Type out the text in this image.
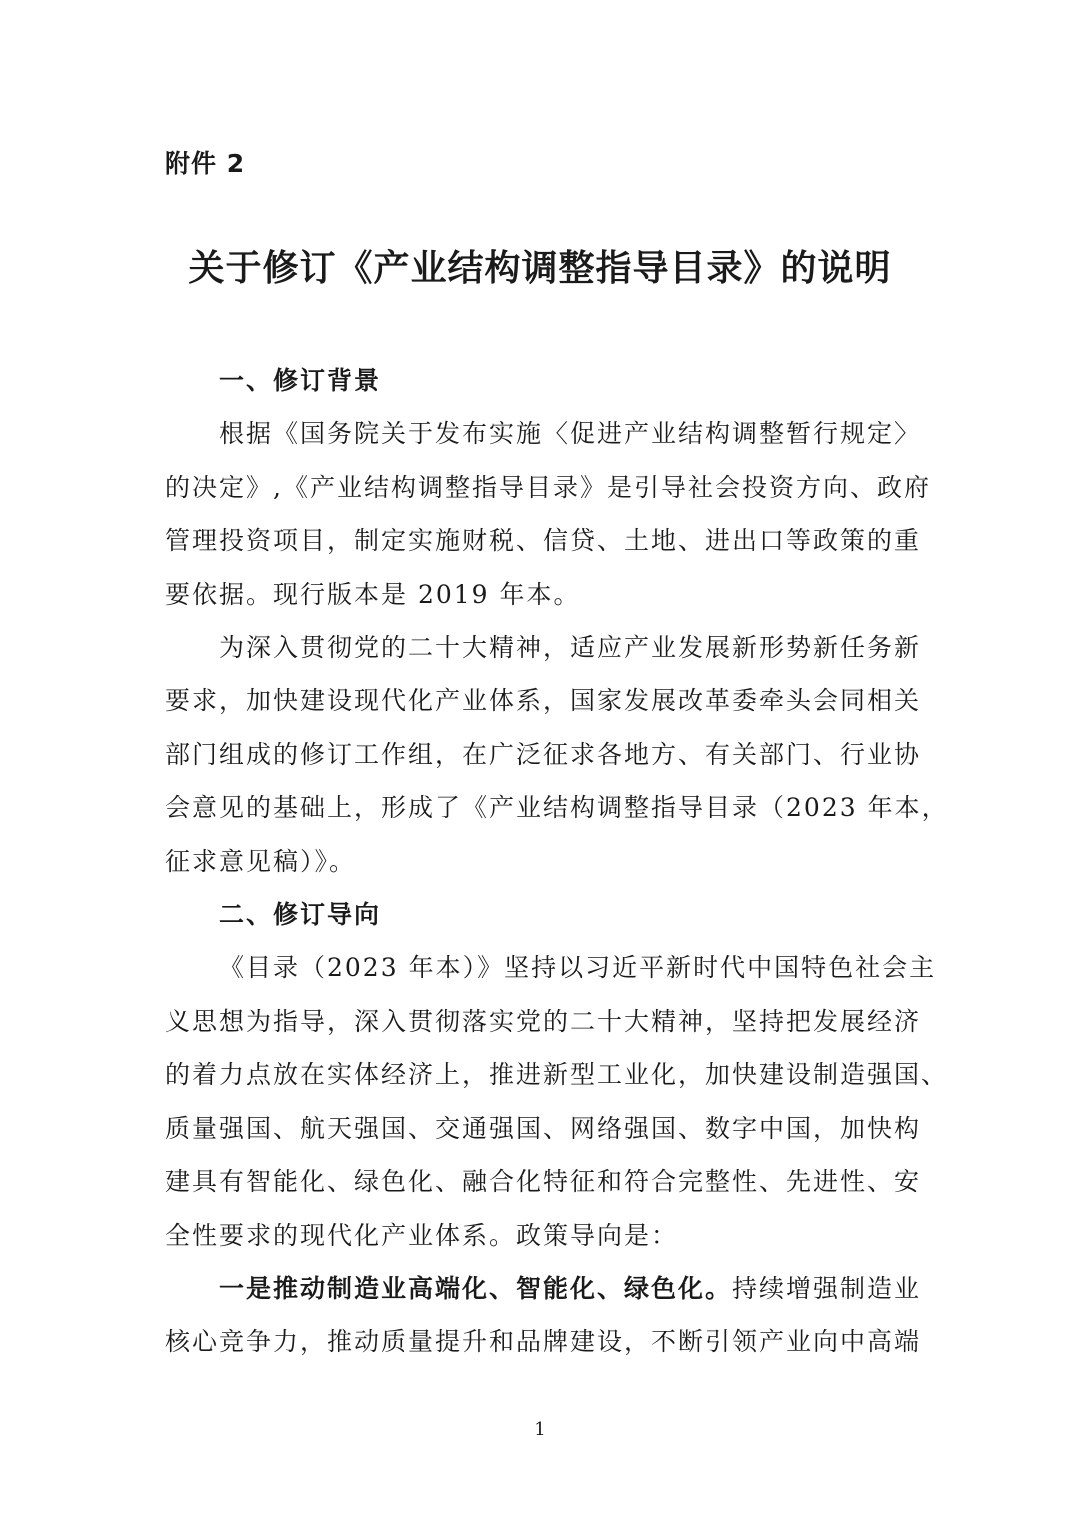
附件 2
关于修订《产业结构调整指导目录》的说明

一、修订背景

根据《国务院关于发布实施〈促进产业结构调整暂行规定〉
的决定》,《产业结构调整指导目录》是引导社会投资方向、政府
管理投资项目，制定实施财税、信贷、土地、进出口等政策的重
要依据。现行版本是 2019 年本。

为深入贯彻党的二十大精神，适应产业发展新形势新任务新
要求，加快建设现代化产业体系，国家发展改革委牵头会同相关
部门组成的修订工作组，在广泛征求各地方、有关部门、行业协
会意见的基础上，形成了《产业结构调整指导目录（2023 年本，
征求意见稿）》。

二、修订导向

《目录（2023 年本）》坚持以习近平新时代中国特色社会主
义思想为指导，深入贯彻落实党的二十大精神，坚持把发展经济
的着力点放在实体经济上，推进新型工业化，加快建设制造强国、
质量强国、航天强国、交通强国、网络强国、数字中国，加快构
建具有智能化、绿色化、融合化特征和符合完整性、先进性、安
全性要求的现代化产业体系。政策导向是：

一是推动制造业高端化、智能化、绿色化。持续增强制造业
核心竞争力，推动质量提升和品牌建设，不断引领产业向中高端

1
